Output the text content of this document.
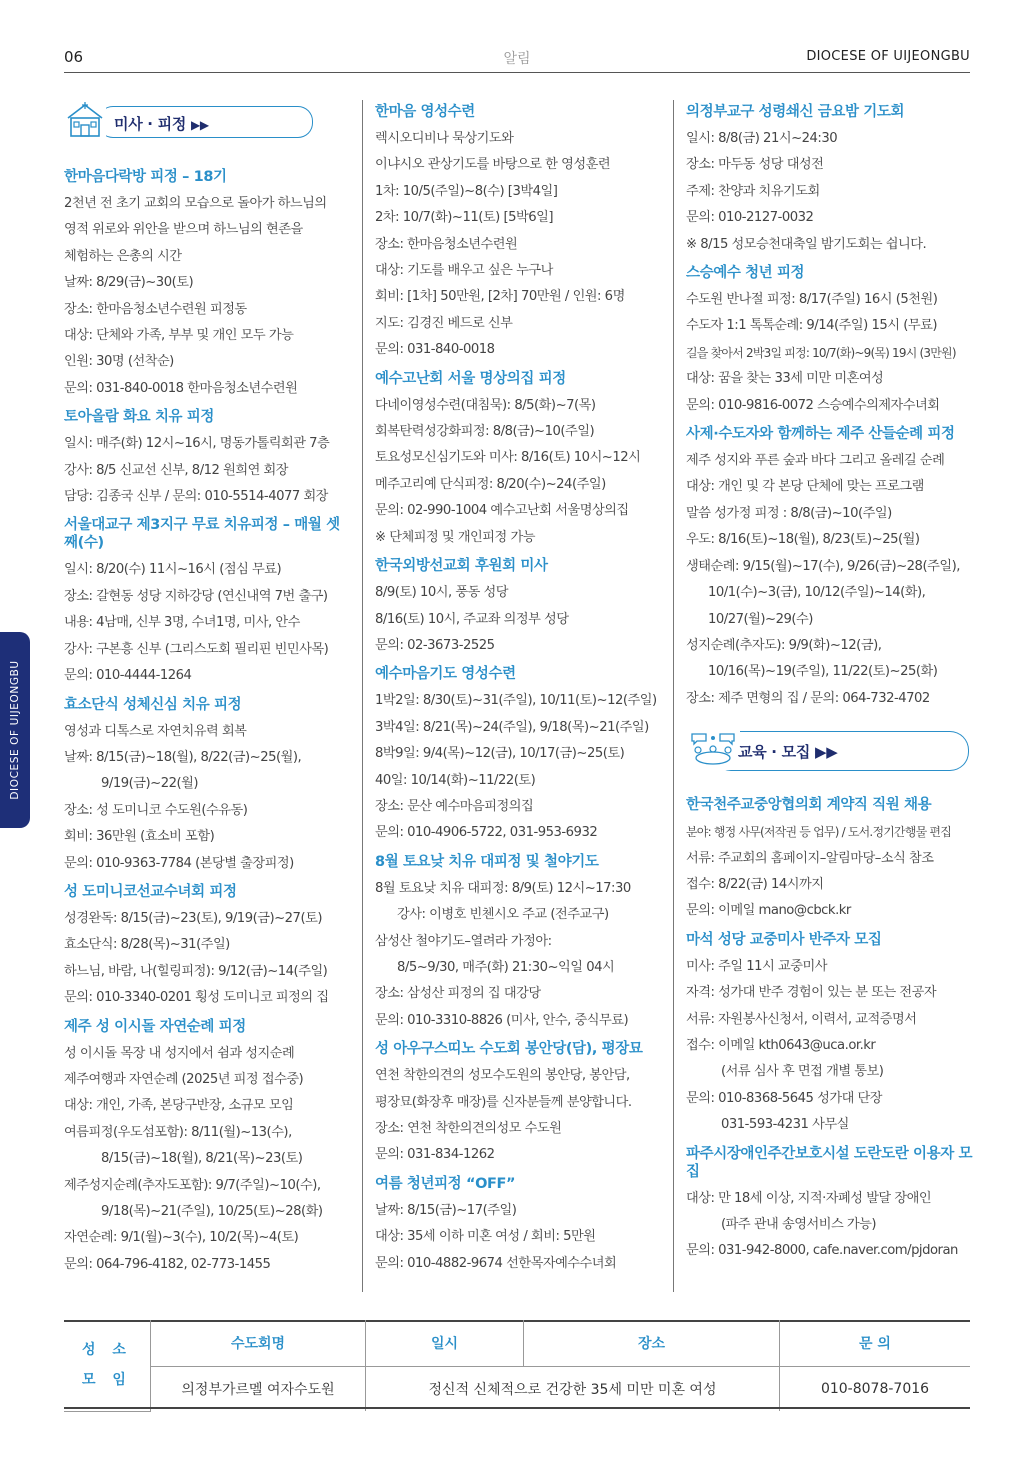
06	알림	DIOCESE OF UIJEONGBU
DIOCESE OF UIJEONGBU
미사 · 피정 ▶▶
한마음다락방 피정 – 18기
2천년 전 초기 교회의 모습으로 돌아가 하느님의
영적 위로와 위안을 받으며 하느님의 현존을
체험하는 은총의 시간
날짜: 8/29(금)~30(토)
장소: 한마음청소년수련원 피정동
대상: 단체와 가족, 부부 및 개인 모두 가능
인원: 30명 (선착순)
문의: 031-840-0018 한마음청소년수련원
토아올람 화요 치유 피정
일시: 매주(화) 12시~16시, 명동가톨릭회관 7층
강사: 8/5 신교선 신부, 8/12 원희연 회장
담당: 김종국 신부 / 문의: 010-5514-4077 회장
서울대교구 제3지구 무료 치유피정 – 매월 셋째(수)
일시: 8/20(수) 11시~16시 (점심 무료)
장소: 갈현동 성당 지하강당 (연신내역 7번 출구)
내용: 4남매, 신부 3명, 수녀1명, 미사, 안수
강사: 구본흥 신부 (그리스도회 필리핀 빈민사목)
문의: 010-4444-1264
효소단식 성체신심 치유 피정
영성과 디톡스로 자연치유력 회복
날짜: 8/15(금)~18(월), 8/22(금)~25(월),
9/19(금)~22(월)
장소: 성 도미니코 수도원(수유동)
회비: 36만원 (효소비 포함)
문의: 010-9363-7784 (본당별 출장피정)
성 도미니코선교수녀회 피정
성경완독: 8/15(금)~23(토), 9/19(금)~27(토)
효소단식: 8/28(목)~31(주일)
하느님, 바람, 나(힐링피정): 9/12(금)~14(주일)
문의: 010-3340-0201 횡성 도미니코 피정의 집
제주 성 이시돌 자연순례 피정
성 이시돌 목장 내 성지에서 쉼과 성지순례
제주여행과 자연순례 (2025년 피정 접수중)
대상: 개인, 가족, 본당구반장, 소규모 모임
여름피정(우도섬포함): 8/11(월)~13(수),
8/15(금)~18(월), 8/21(목)~23(토)
제주성지순례(추자도포함): 9/7(주일)~10(수),
9/18(목)~21(주일), 10/25(토)~28(화)
자연순례: 9/1(월)~3(수), 10/2(목)~4(토)
문의: 064-796-4182, 02-773-1455
한마음 영성수련
렉시오디비나 묵상기도와
이냐시오 관상기도를 바탕으로 한 영성훈련
1차: 10/5(주일)~8(수) [3박4일]
2차: 10/7(화)~11(토) [5박6일]
장소: 한마음청소년수련원
대상: 기도를 배우고 싶은 누구나
회비: [1차] 50만원, [2차] 70만원 / 인원: 6명
지도: 김경진 베드로 신부
문의: 031-840-0018
예수고난회 서울 명상의집 피정
다네이영성수련(대침묵): 8/5(화)~7(목)
회복탄력성강화피정: 8/8(금)~10(주일)
토요성모신심기도와 미사: 8/16(토) 10시~12시
메주고리예 단식피정: 8/20(수)~24(주일)
문의: 02-990-1004 예수고난회 서울명상의집
※ 단체피정 및 개인피정 가능
한국외방선교회 후원회 미사
8/9(토) 10시, 풍동 성당
8/16(토) 10시, 주교좌 의정부 성당
문의: 02-3673-2525
예수마음기도 영성수련
1박2일: 8/30(토)~31(주일), 10/11(토)~12(주일)
3박4일: 8/21(목)~24(주일), 9/18(목)~21(주일)
8박9일: 9/4(목)~12(금), 10/17(금)~25(토)
40일: 10/14(화)~11/22(토)
장소: 문산 예수마음피정의집
문의: 010-4906-5722, 031-953-6932
8월 토요낮 치유 대피정 및 철야기도
8월 토요낮 치유 대피정: 8/9(토) 12시~17:30
강사: 이병호 빈첸시오 주교 (전주교구)
삼성산 철야기도–열려라 가정아:
8/5~9/30, 매주(화) 21:30~익일 04시
장소: 삼성산 피정의 집 대강당
문의: 010-3310-8826 (미사, 안수, 중식무료)
성 아우구스띠노 수도회 봉안당(담), 평장묘
연천 착한의견의 성모수도원의 봉안당, 봉안담,
평장묘(화장후 매장)를 신자분들께 분양합니다.
장소: 연천 착한의견의성모 수도원
문의: 031-834-1262
여름 청년피정 “OFF”
날짜: 8/15(금)~17(주일)
대상: 35세 이하 미혼 여성 / 회비: 5만원
문의: 010-4882-9674 선한목자예수수녀회
의정부교구 성령쇄신 금요밤 기도회
일시: 8/8(금) 21시~24:30
장소: 마두동 성당 대성전
주제: 찬양과 치유기도회
문의: 010-2127-0032
※ 8/15 성모승천대축일 밤기도회는 쉽니다.
스승예수 청년 피정
수도원 반나절 피정: 8/17(주일) 16시 (5천원)
수도자 1:1 톡톡순례: 9/14(주일) 15시 (무료)
길을 찾아서 2박3일 피정: 10/7(화)~9(목) 19시 (3만원)
대상: 꿈을 찾는 33세 미만 미혼여성
문의: 010-9816-0072 스승예수의제자수녀회
사제·수도자와 함께하는 제주 산들순례 피정
제주 성지와 푸른 숲과 바다 그리고 올레길 순례
대상: 개인 및 각 본당 단체에 맞는 프로그램
말씀 성가정 피정 : 8/8(금)~10(주일)
우도: 8/16(토)~18(월), 8/23(토)~25(월)
생태순례: 9/15(월)~17(수), 9/26(금)~28(주일),
10/1(수)~3(금), 10/12(주일)~14(화),
10/27(월)~29(수)
성지순례(추자도): 9/9(화)~12(금),
10/16(목)~19(주일), 11/22(토)~25(화)
장소: 제주 면형의 집 / 문의: 064-732-4702
교육 · 모집 ▶▶
한국천주교중앙협의회 계약직 직원 채용
분야: 행정 사무(저작권 등 업무) / 도서.정기간행물 편집
서류: 주교회의 홈페이지–알림마당–소식 참조
접수: 8/22(금) 14시까지
문의: 이메일 mano@cbck.kr
마석 성당 교중미사 반주자 모집
미사: 주일 11시 교중미사
자격: 성가대 반주 경험이 있는 분 또는 전공자
서류: 자원봉사신청서, 이력서, 교적증명서
접수: 이메일 kth0643@uca.or.kr
(서류 심사 후 면접 개별 통보)
문의: 010-8368-5645 성가대 단장
031-593-4231 사무실
파주시장애인주간보호시설 도란도란 이용자 모집
대상: 만 18세 이상, 지적·자폐성 발달 장애인
(파주 관내 송영서비스 가능)
문의: 031-942-8000, cafe.naver.com/pjdoran
성 소
모 임	수도회명	일시	장소	문 의
	의정부가르멜 여자수도원	정신적 신체적으로 건강한 35세 미만 미혼 여성		010-8078-7016
